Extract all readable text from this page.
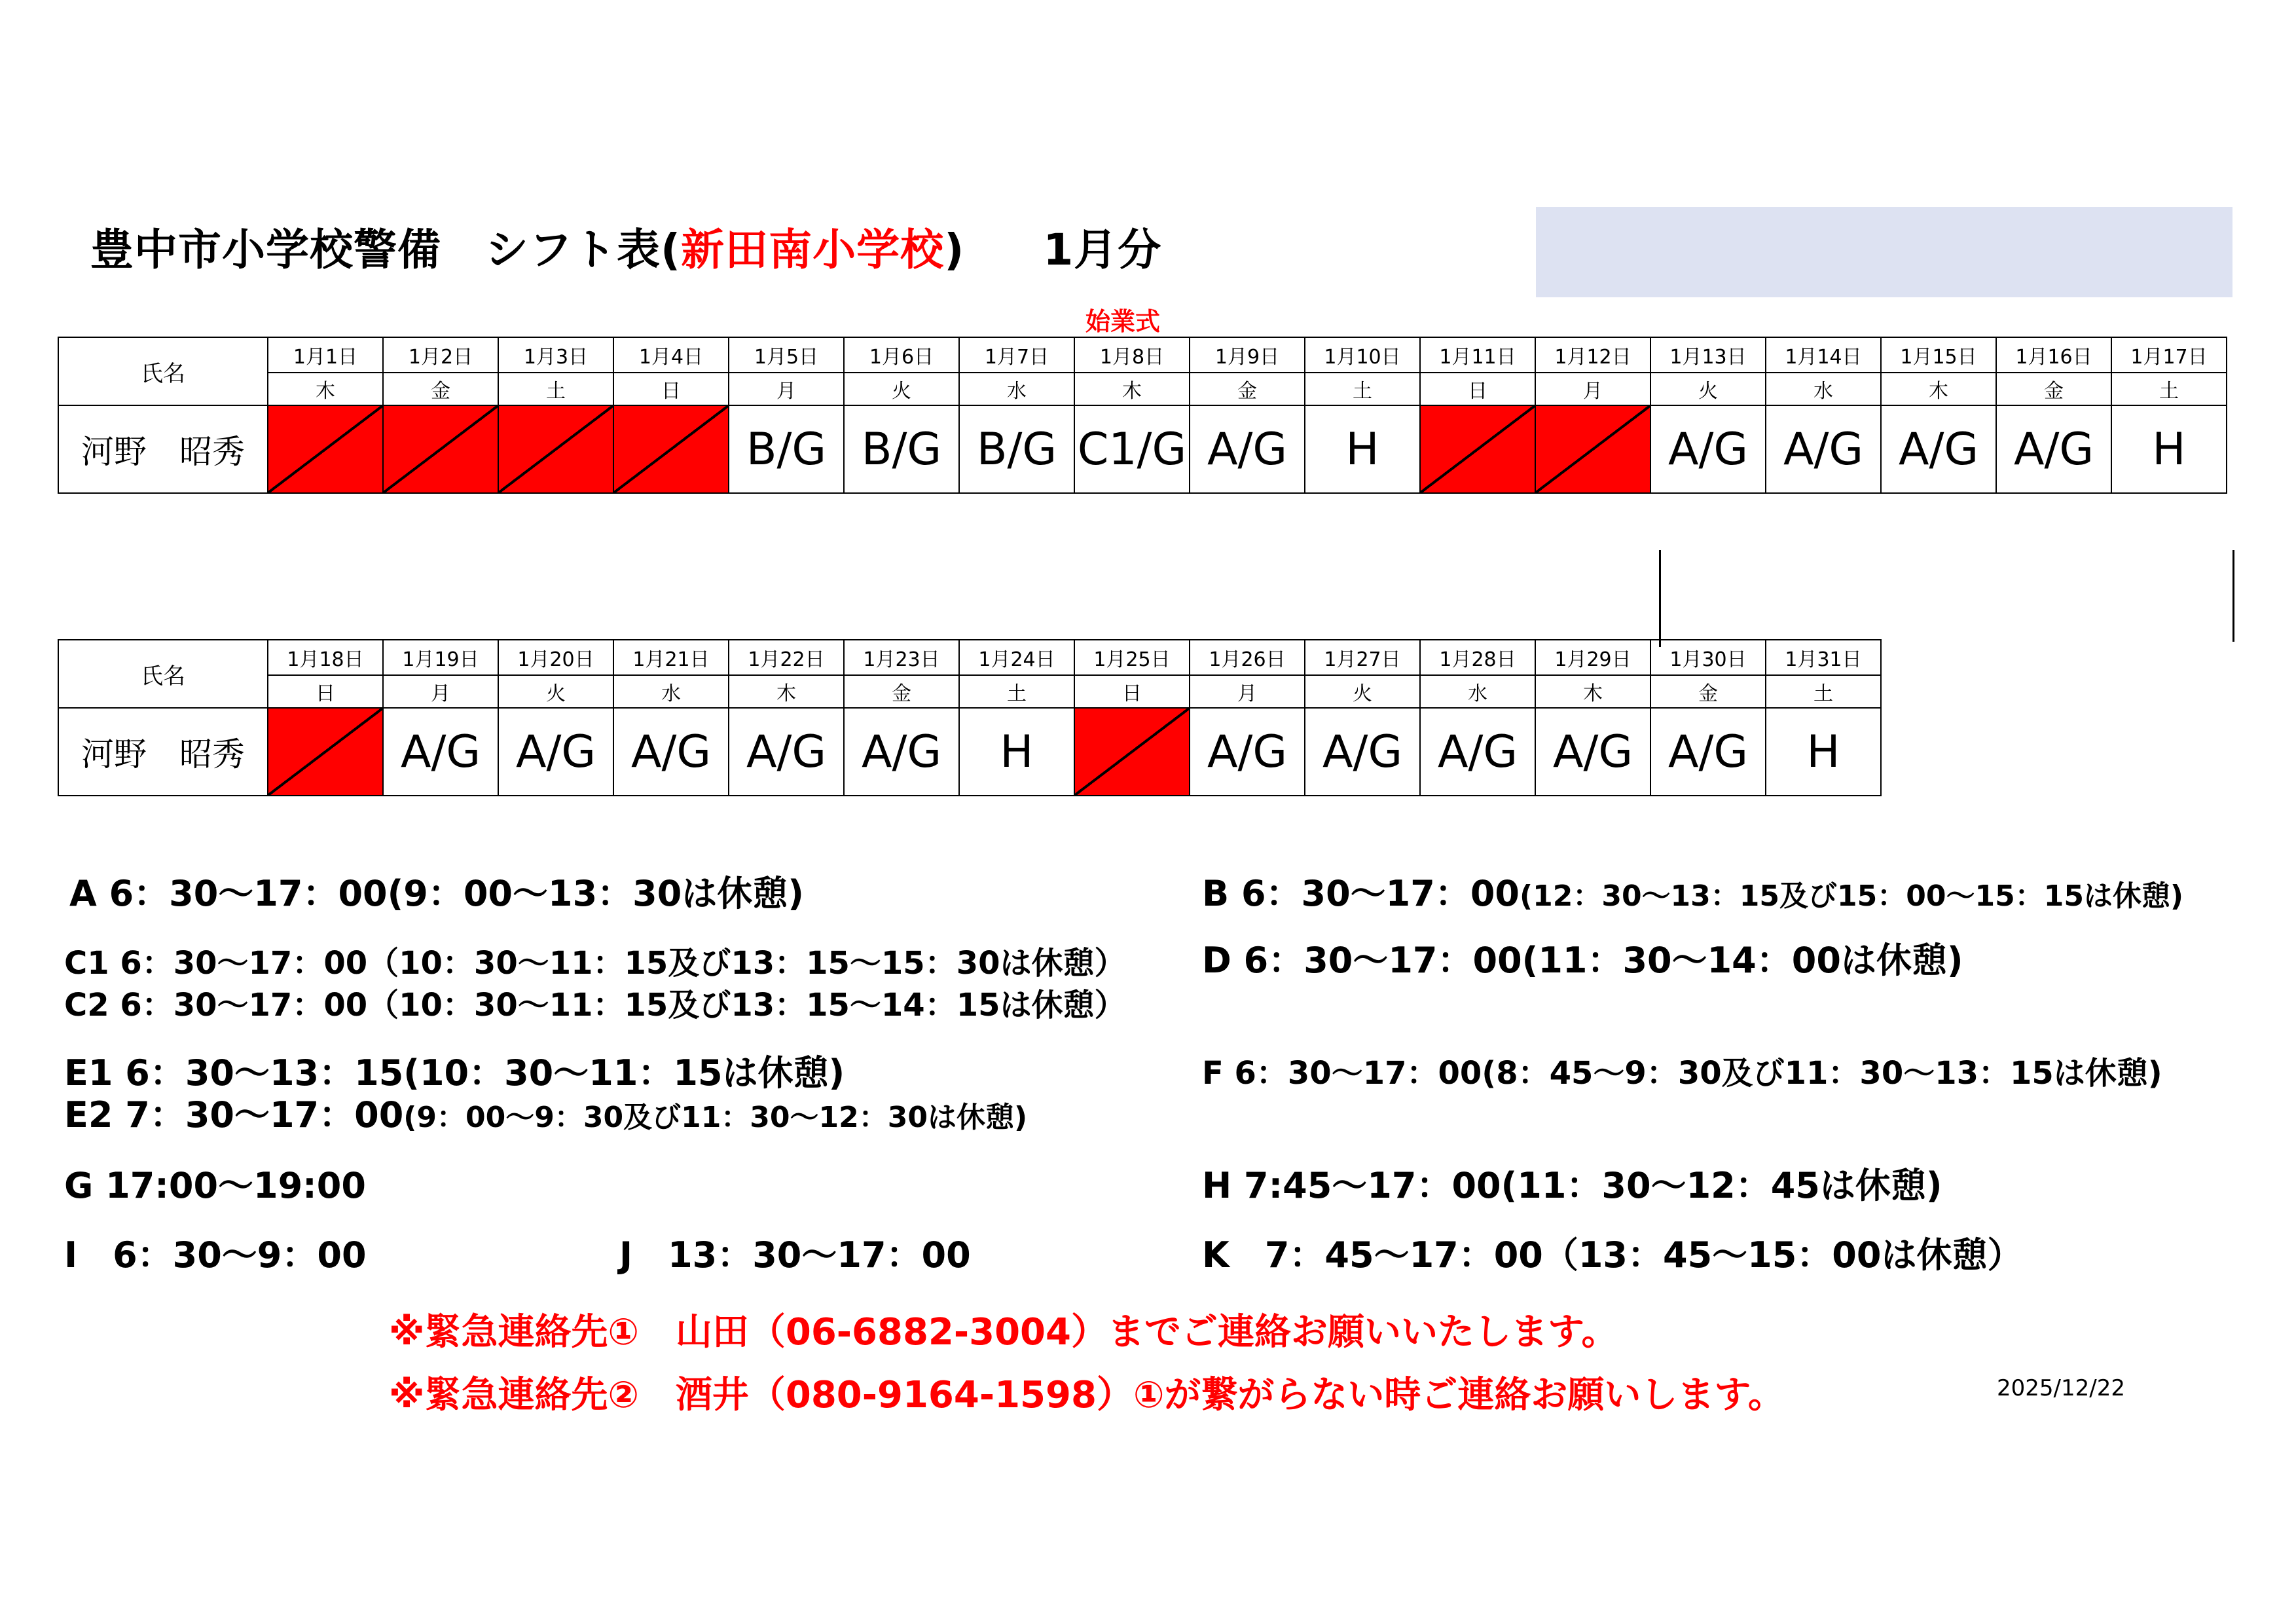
豊中市小学校警備　シフト表(新田南小学校) 1月分
始業式
氏名	1月1日	1月2日	1月3日	1月4日	1月5日	1月6日	1月7日	1月8日	1月9日	1月10日	1月11日	1月12日	1月13日	1月14日	1月15日	1月16日	1月17日
	木	金	土	日	月	火	水	木	金	土	日	月	火	水	木	金	土
河野　昭秀					B/G	B/G	B/G	C1/G	A/G	H			A/G	A/G	A/G	A/G	H
氏名	1月18日	1月19日	1月20日	1月21日	1月22日	1月23日	1月24日	1月25日	1月26日	1月27日	1月28日	1月29日	1月30日	1月31日
	日	月	火	水	木	金	土	日	月	火	水	木	金	土
河野　昭秀		A/G	A/G	A/G	A/G	A/G	H		A/G	A/G	A/G	A/G	A/G	H
A 6：30～17：00(9：00～13：30は休憩)	B 6：30～17：00(12：30～13：15及び15：00～15：15は休憩)
C1 6：30～17：00（10：30～11：15及び13：15～15：30は休憩）
C2 6：30～17：00（10：30～11：15及び13：15～14：15は休憩）
D 6：30～17：00(11：30～14：00は休憩)
E1 6：30～13：15(10：30～11：15は休憩)
E2 7：30～17：00(9：00～9：30及び11：30～12：30は休憩)
F 6：30～17：00(8：45～9：30及び11：30～13：15は休憩)
G 17:00～19:00	H 7:45～17：00(11：30～12：45は休憩)
I　6：30～9：00	J　13：30～17：00	K　7：45～17：00（13：45～15：00は休憩）
※緊急連絡先①　山田（06-6882-3004）までご連絡お願いいたします。
※緊急連絡先②　酒井（080-9164-1598）①が繋がらない時ご連絡お願いします。	2025/12/22
